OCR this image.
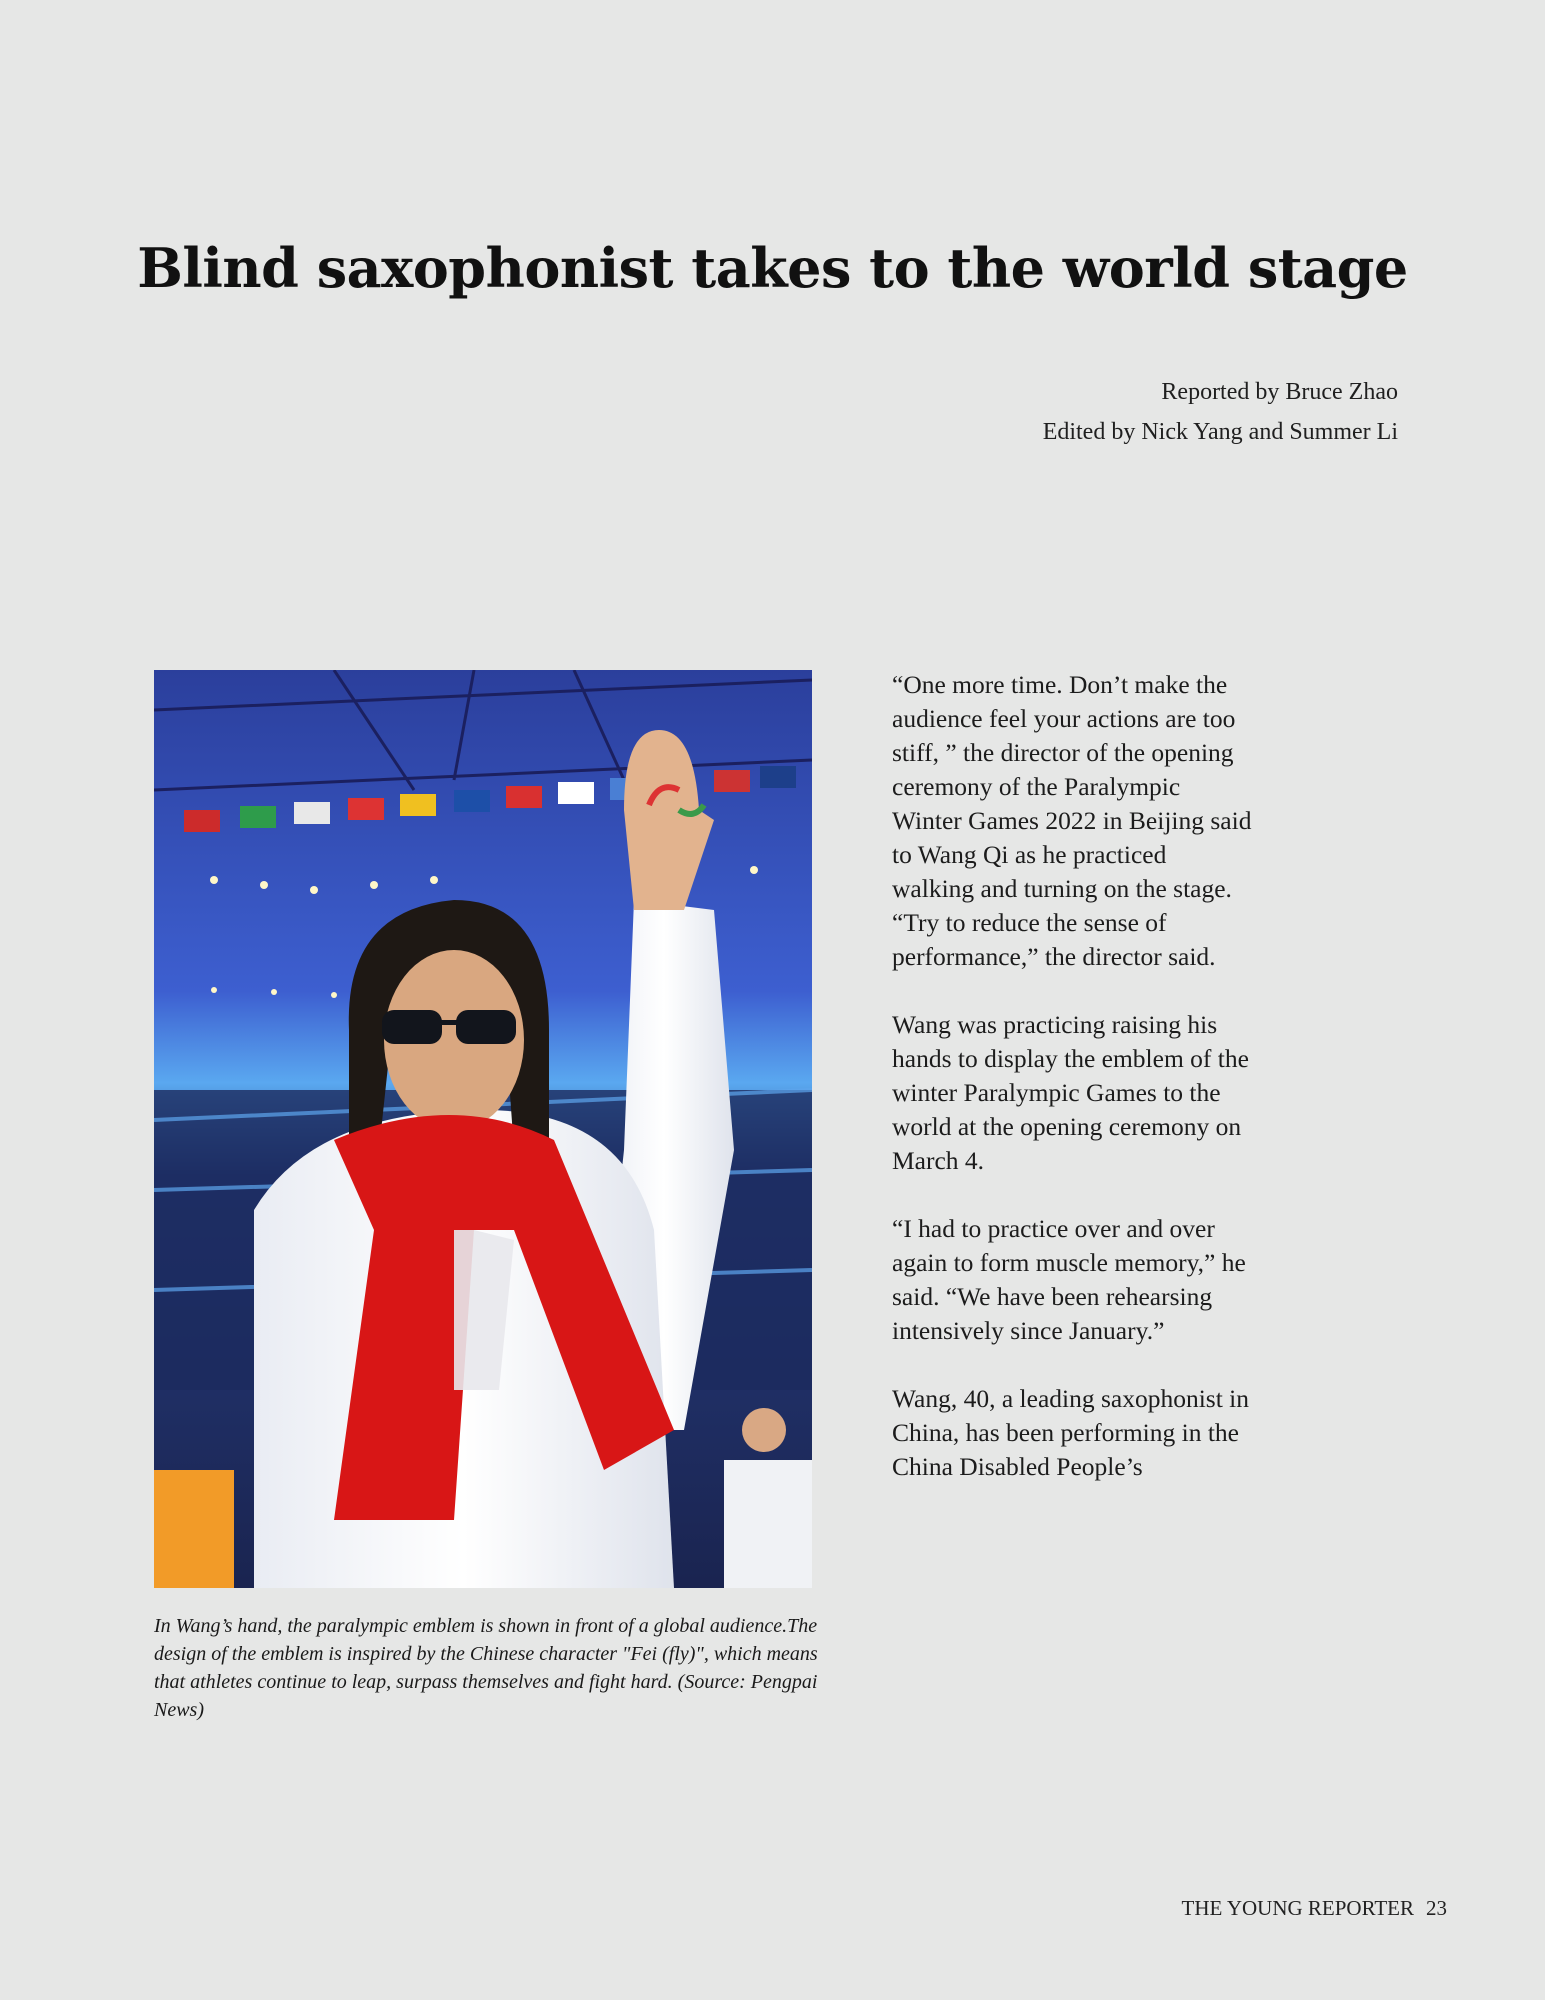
Blind saxophonist takes to the world stage
Reported by Bruce Zhao
Edited by Nick Yang and Summer Li

In Wang’s hand, the paralympic emblem is shown in front of a global audience.The design of the emblem is inspired by the Chinese character "Fei (fly)", which means that athletes continue to leap, surpass themselves and fight hard. (Source: Pengpai News)

“One more time. Don’t make the audience feel your actions are too stiff, ” the director of the opening ceremony of the Paralympic Winter Games 2022 in Beijing said to Wang Qi as he practiced walking and turning on the stage. “Try to reduce the sense of performance,” the director said.

Wang was practicing raising his hands to display the emblem of the winter Paralympic Games to the world at the opening ceremony on March 4.

“I had to practice over and over again to form muscle memory,” he said. “We have been rehearsing intensively since January.”

Wang, 40, a leading saxophonist in China, has been performing in the China Disabled People’s

THE YOUNG REPORTER 23
